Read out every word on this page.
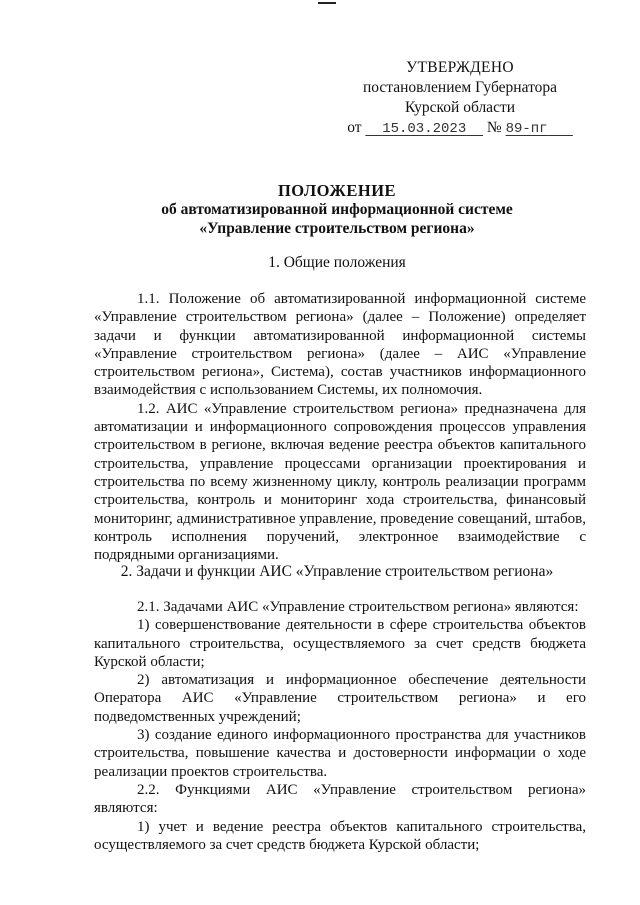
УТВЕРЖДЕНО
постановлением Губернатора
Курской области
от 15.03.2023 № 89-пг
ПОЛОЖЕНИЕ
об автоматизированной информационной системе
«Управление строительством региона»
1. Общие положения

1.1. Положение об автоматизированной информационной системе «Управление строительством региона» (далее – Положение) определяет задачи и функции автоматизированной информационной системы «Управление строительством региона» (далее – АИС «Управление строительством региона», Система), состав участников информационного взаимодействия с использованием Системы, их полномочия.

1.2. АИС «Управление строительством региона» предназначена для автоматизации и информационного сопровождения процессов управления строительством в регионе, включая ведение реестра объектов капитального строительства, управление процессами организации проектирования и строительства по всему жизненному циклу, контроль реализации программ строительства, контроль и мониторинг хода строительства, финансовый мониторинг, административное управление, проведение совещаний, штабов, контроль исполнения поручений, электронное взаимодействие с подрядными организациями.

2. Задачи и функции АИС «Управление строительством региона»

2.1. Задачами АИС «Управление строительством региона» являются:

1) совершенствование деятельности в сфере строительства объектов капитального строительства, осуществляемого за счет средств бюджета Курской области;

2) автоматизация и информационное обеспечение деятельности Оператора АИС «Управление строительством региона» и его подведомственных учреждений;

3) создание единого информационного пространства для участников строительства, повышение качества и достоверности информации о ходе реализации проектов строительства.

2.2. Функциями АИС «Управление строительством региона» являются:

1) учет и ведение реестра объектов капитального строительства, осуществляемого за счет средств бюджета Курской области;
